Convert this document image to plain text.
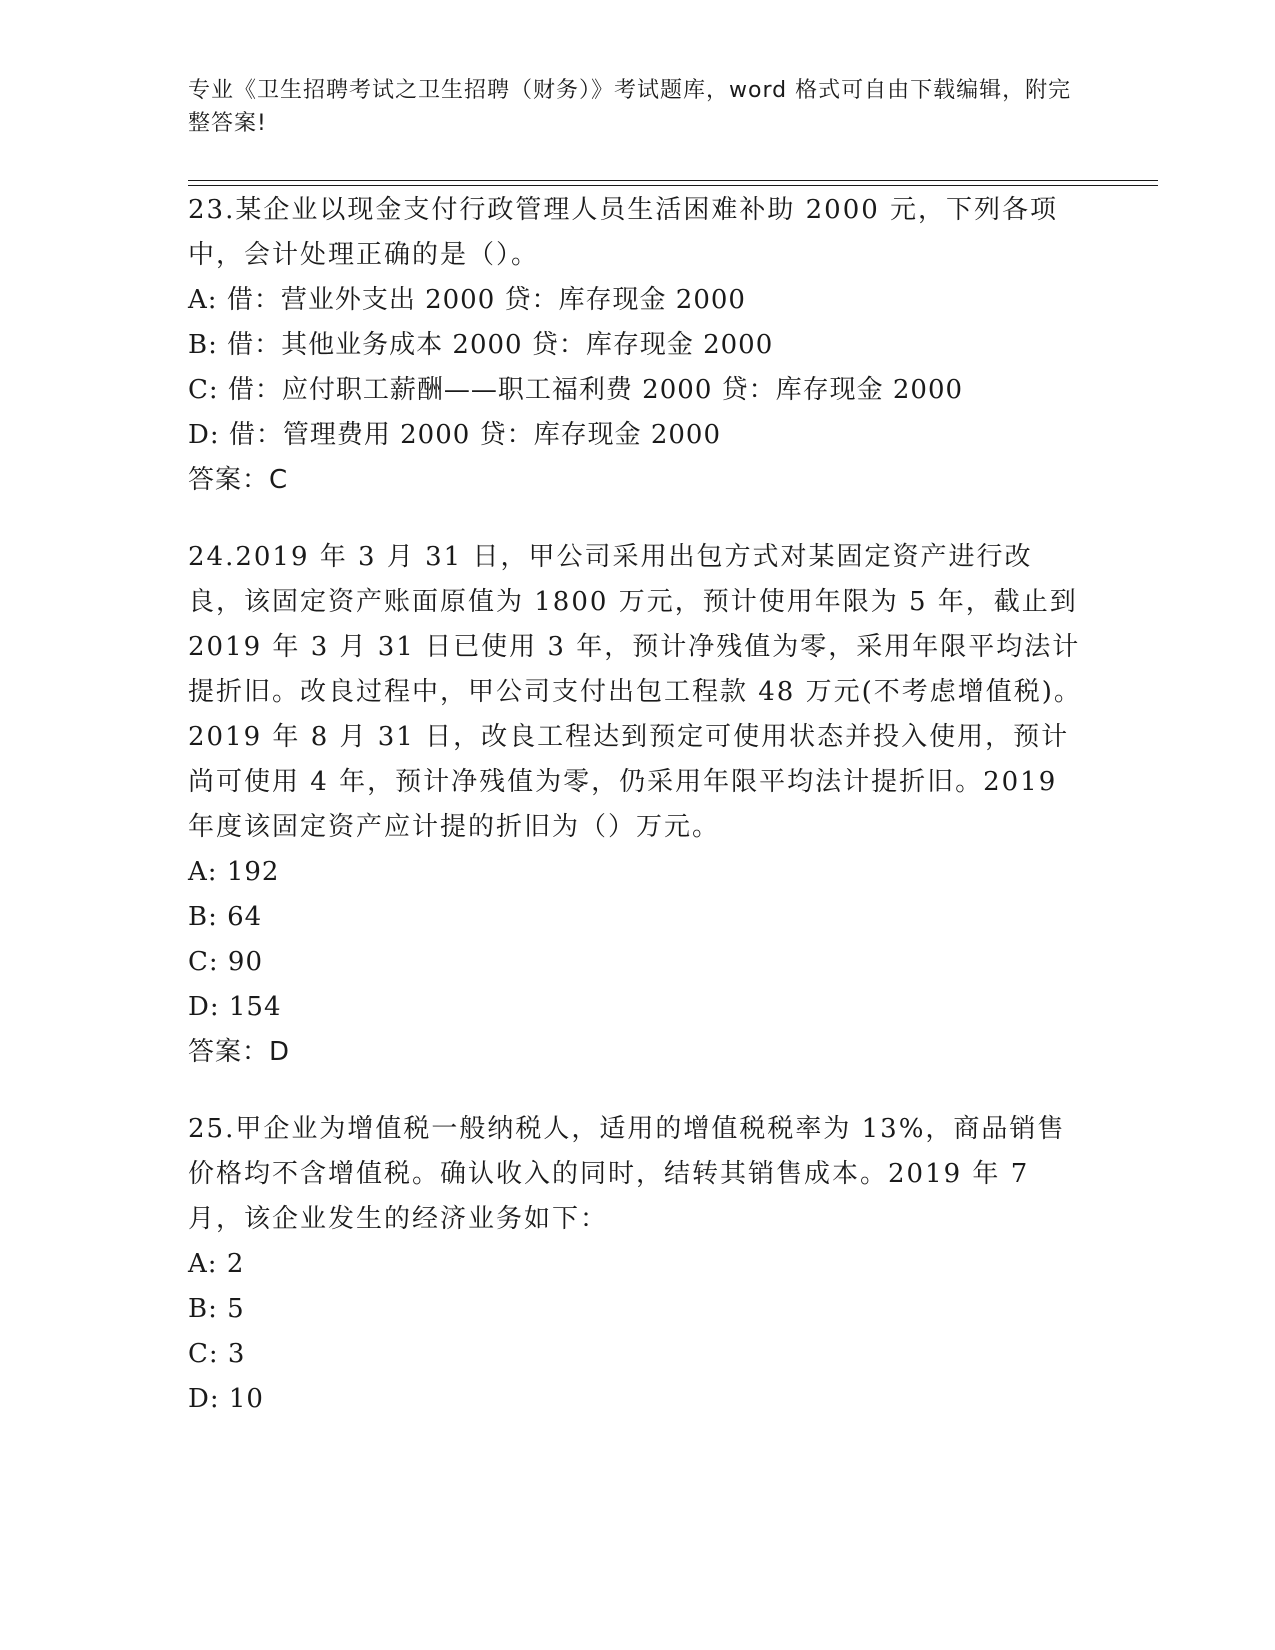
专业《卫生招聘考试之卫生招聘（财务）》考试题库，word 格式可自由下载编辑，附完整答案!
23.某企业以现金支付行政管理人员生活困难补助 2000 元，下列各项中，会计处理正确的是（）。
A: 借：营业外支出 2000 贷：库存现金 2000
B: 借：其他业务成本 2000 贷：库存现金 2000
C: 借：应付职工薪酬——职工福利费 2000 贷：库存现金 2000
D: 借：管理费用 2000 贷：库存现金 2000
答案：C
24.2019 年 3 月 31 日，甲公司采用出包方式对某固定资产进行改良，该固定资产账面原值为 1800 万元，预计使用年限为 5 年，截止到 2019 年 3 月 31 日已使用 3 年，预计净残值为零，采用年限平均法计提折旧。改良过程中，甲公司支付出包工程款 48 万元(不考虑增值税)。2019 年 8 月 31 日，改良工程达到预定可使用状态并投入使用，预计尚可使用 4 年，预计净残值为零，仍采用年限平均法计提折旧。2019 年度该固定资产应计提的折旧为（）万元。
A: 192
B: 64
C: 90
D: 154
答案：D
25.甲企业为增值税一般纳税人，适用的增值税税率为 13%，商品销售价格均不含增值税。确认收入的同时，结转其销售成本。2019 年 7 月，该企业发生的经济业务如下：
A: 2
B: 5
C: 3
D: 10
